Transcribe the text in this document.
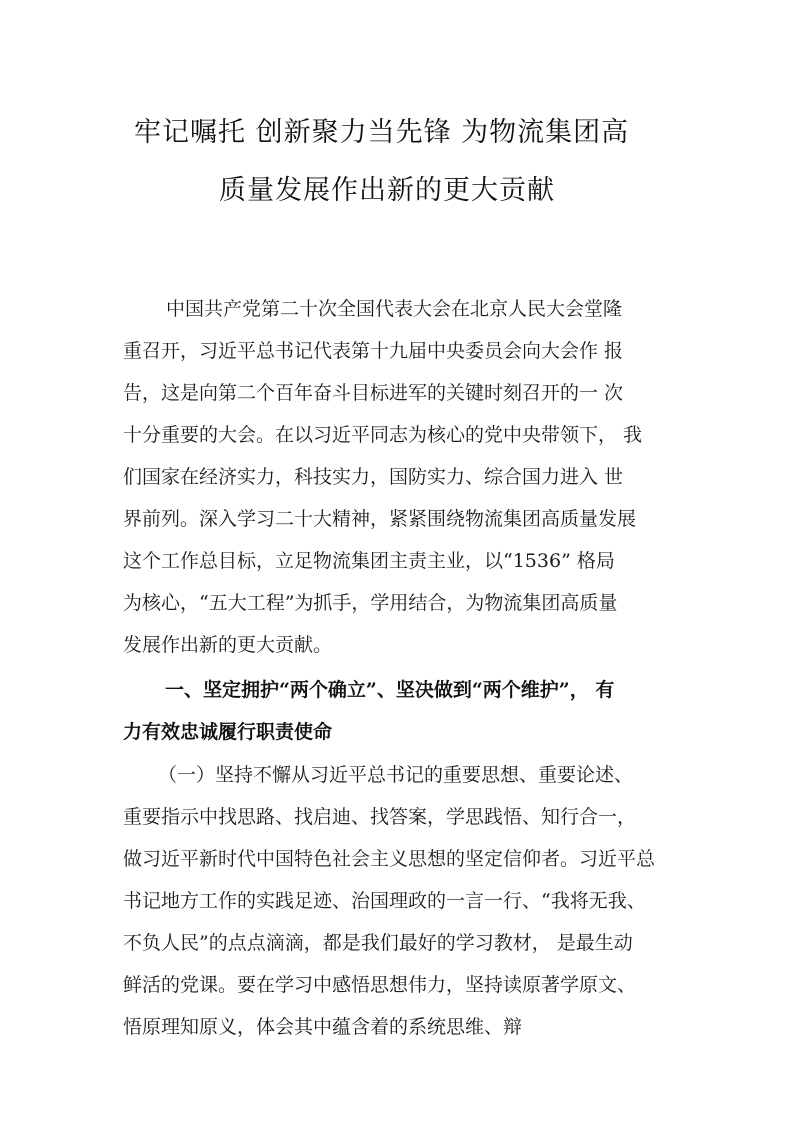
牢记嘱托 创新聚力当先锋 为物流集团高
质量发展作出新的更大贡献
中国共产党第二十次全国代表大会在北京人民大会堂隆
重召开，习近平总书记代表第十九届中央委员会向大会作 报
告，这是向第二个百年奋斗目标进军的关键时刻召开的一 次
十分重要的大会。在以习近平同志为核心的党中央带领下， 我
们国家在经济实力，科技实力，国防实力、综合国力进入 世
界前列。深入学习二十大精神，紧紧围绕物流集团高质量发展
这个工作总目标，立足物流集团主责主业，以“1536” 格局
为核心，“五大工程”为抓手，学用结合，为物流集团高质量
发展作出新的更大贡献。
一、坚定拥护“两个确立”、坚决做到“两个维护”， 有
力有效忠诚履行职责使命
（一）坚持不懈从习近平总书记的重要思想、重要论述、
重要指示中找思路、找启迪、找答案，学思践悟、知行合一，
做习近平新时代中国特色社会主义思想的坚定信仰者。习近平总
书记地方工作的实践足迹、治国理政的一言一行、“我将无我、
不负人民”的点点滴滴，都是我们最好的学习教材， 是最生动
鲜活的党课。要在学习中感悟思想伟力，坚持读原著学原文、
悟原理知原义，体会其中蕴含着的系统思维、辩
